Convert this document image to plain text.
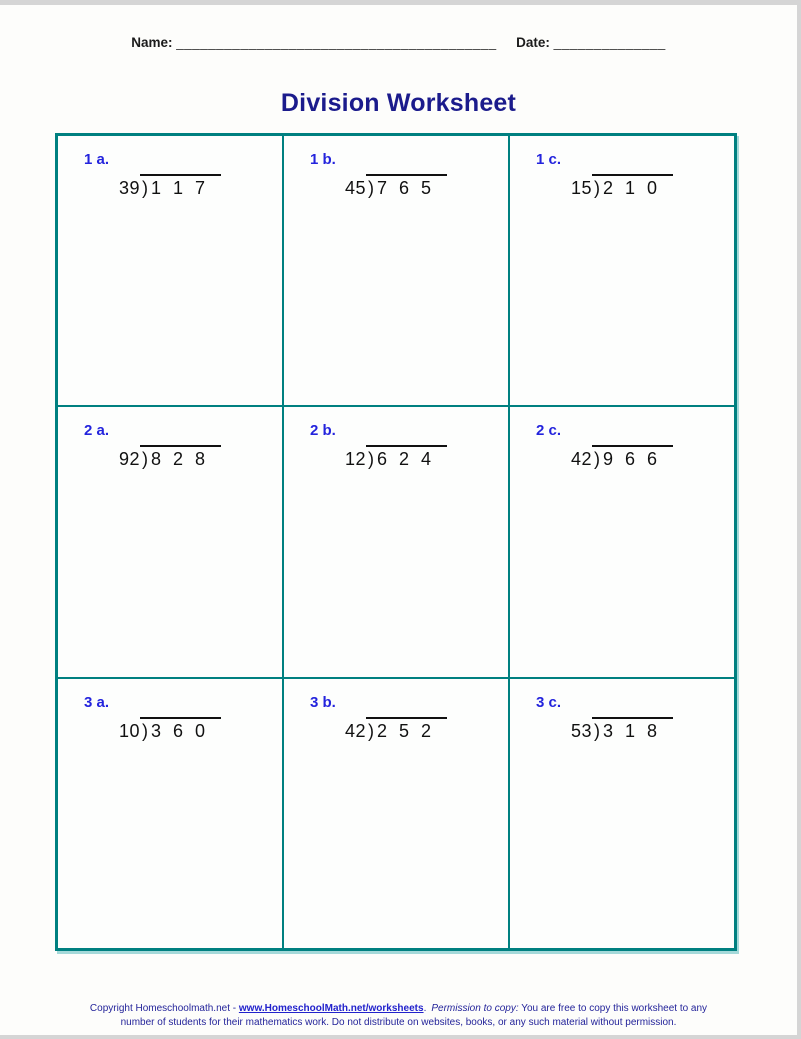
Name: ________________________________________ Date: ______________
Division Worksheet
1 a.
39 ) 1 1 7
1 b.
45 ) 7 6 5
1 c.
15 ) 2 1 0
2 a.
92 ) 8 2 8
2 b.
12 ) 6 2 4
2 c.
42 ) 9 6 6
3 a.
10 ) 3 6 0
3 b.
42 ) 2 5 2
3 c.
53 ) 3 1 8
Copyright Homeschoolmath.net - www.HomeschoolMath.net/worksheets. Permission to copy: You are free to copy this worksheet to any number of students for their mathematics work. Do not distribute on websites, books, or any such material without permission.
